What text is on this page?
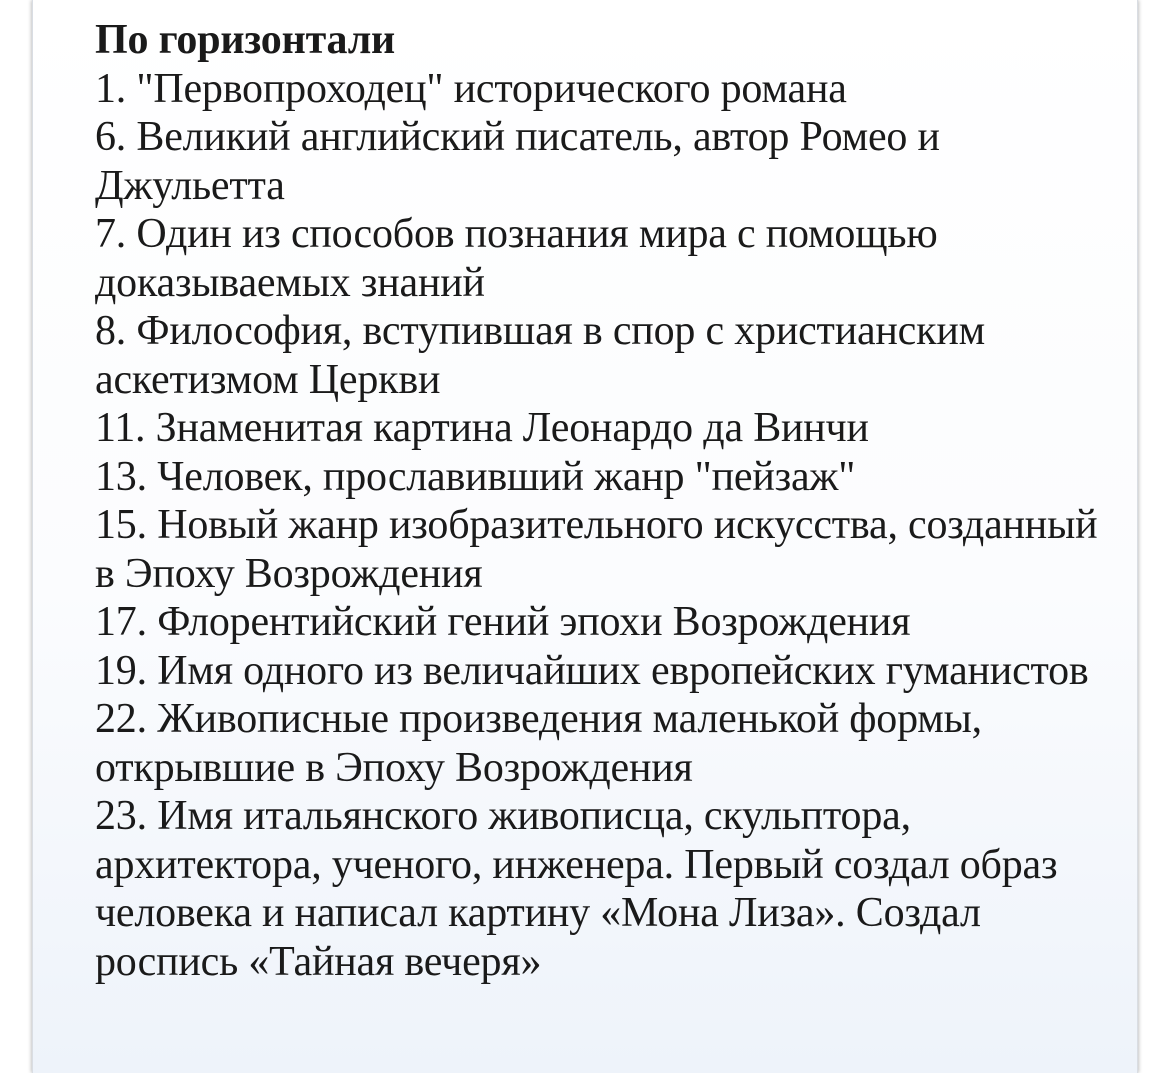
По горизонтали
1. "Первопроходец" исторического романа
6. Великий английский писатель, автор Ромео и Джульетта
7. Один из способов познания мира с помощью доказываемых знаний
8. Философия, вступившая в спор с христианским аскетизмом Церкви
11. Знаменитая картина Леонардо да Винчи
13. Человек, прославивший жанр "пейзаж"
15. Новый жанр изобразительного искусства, созданный в Эпоху Возрождения
17. Флорентийский гений эпохи Возрождения
19. Имя одного из величайших европейских гуманистов
22. Живописные произведения маленькой формы, открывшие в Эпоху Возрождения
23. Имя итальянского живописца, скульптора, архитектора, ученого, инженера. Первый создал образ человека и написал картину «Мона Лиза». Создал роспись «Тайная вечеря»
